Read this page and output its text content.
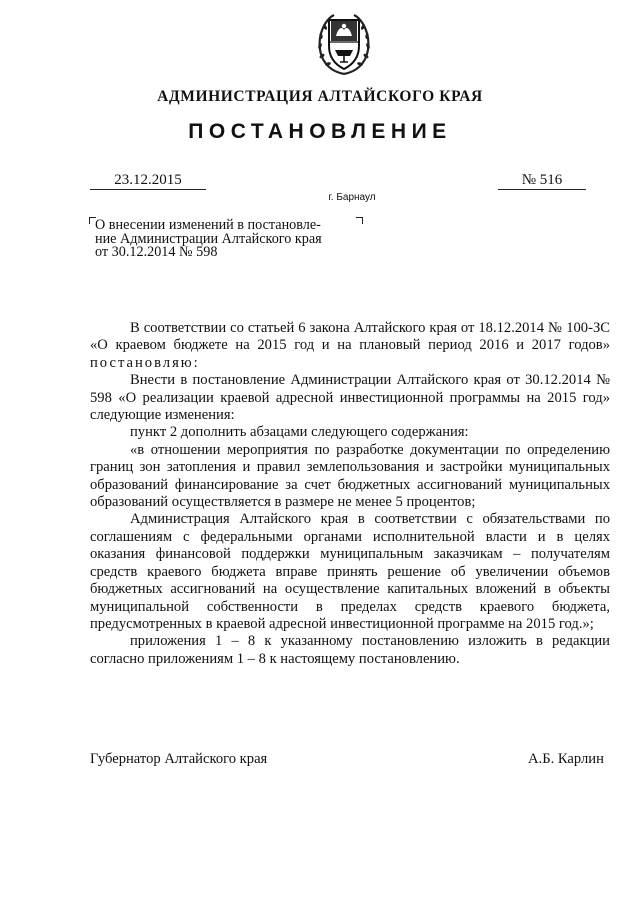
АДМИНИСТРАЦИЯ АЛТАЙСКОГО КРАЯ
ПОСТАНОВЛЕНИЕ
23.12.2015	№ 516
г. Барнаул
О внесении изменений в постановле-
ние Администрации Алтайского края
от 30.12.2014 № 598

В соответствии со статьей 6 закона Алтайского края от 18.12.2014 № 100-ЗС «О краевом бюджете на 2015 год и на плановый период 2016 и 2017 годов» постановляю:

Внести в постановление Администрации Алтайского края от 30.12.2014 № 598 «О реализации краевой адресной инвестиционной программы на 2015 год» следующие изменения:

пункт 2 дополнить абзацами следующего содержания:

«в отношении мероприятия по разработке документации по определению границ зон затопления и правил землепользования и застройки муниципальных образований финансирование за счет бюджетных ассигнований муниципальных образований осуществляется в размере не менее 5 процентов;

Администрация Алтайского края в соответствии с обязательствами по соглашениям с федеральными органами исполнительной власти и в целях оказания финансовой поддержки муниципальным заказчикам – получателям средств краевого бюджета вправе принять решение об увеличении объемов бюджетных ассигнований на осуществление капитальных вложений в объекты муниципальной собственности в пределах средств краевого бюджета, предусмотренных в краевой адресной инвестиционной программе на 2015 год.»;

приложения 1 – 8 к указанному постановлению изложить в редакции согласно приложениям 1 – 8 к настоящему постановлению.

Губернатор Алтайского края	А.Б. Карлин
